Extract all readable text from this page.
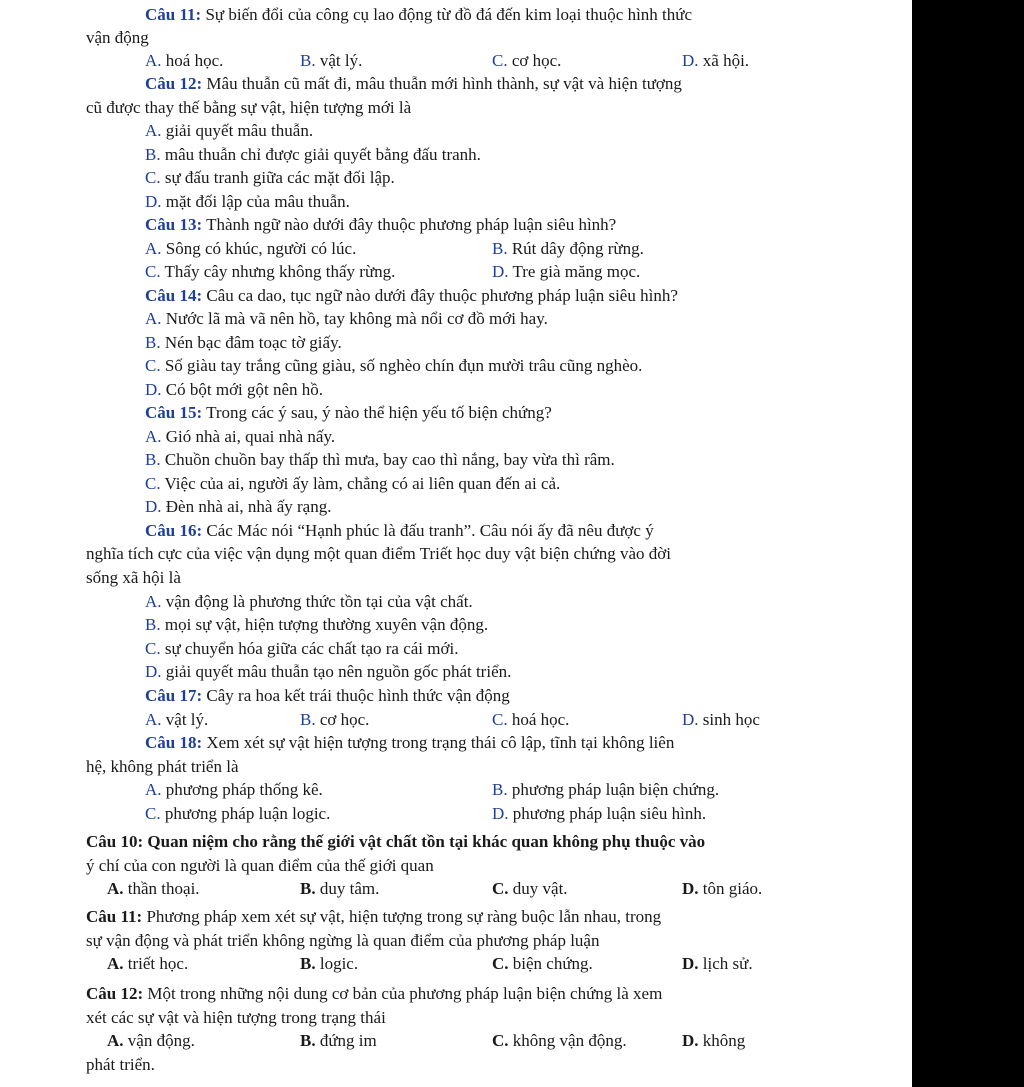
Câu 11: Sự biến đổi của công cụ lao động từ đồ đá đến kim loại thuộc hình thức
vận động
A. hoá học.	B. vật lý.	C. cơ học.	D. xã hội.
Câu 12: Mâu thuẫn cũ mất đi, mâu thuẫn mới hình thành, sự vật và hiện tượng
cũ được thay thế bằng sự vật, hiện tượng mới là
A. giải quyết mâu thuẫn.
B. mâu thuẫn chỉ được giải quyết bằng đấu tranh.
C. sự đấu tranh giữa các mặt đối lập.
D. mặt đối lập của mâu thuẫn.
Câu 13: Thành ngữ nào dưới đây thuộc phương pháp luận siêu hình?
A. Sông có khúc, người có lúc.	B. Rút dây động rừng.
C. Thấy cây nhưng không thấy rừng.	D. Tre già măng mọc.
Câu 14: Câu ca dao, tục ngữ nào dưới đây thuộc phương pháp luận siêu hình?
A. Nước lã mà vã nên hồ, tay không mà nổi cơ đồ mới hay.
B. Nén bạc đâm toạc tờ giấy.
C. Số giàu tay trắng cũng giàu, số nghèo chín đụn mười trâu cũng nghèo.
D. Có bột mới gột nên hồ.
Câu 15: Trong các ý sau, ý nào thể hiện yếu tố biện chứng?
A. Gió nhà ai, quai nhà nấy.
B. Chuồn chuồn bay thấp thì mưa, bay cao thì nắng, bay vừa thì râm.
C. Việc của ai, người ấy làm, chẳng có ai liên quan đến ai cả.
D. Đèn nhà ai, nhà ấy rạng.
Câu 16: Các Mác nói “Hạnh phúc là đấu tranh”. Câu nói ấy đã nêu được ý
nghĩa tích cực của việc vận dụng một quan điểm Triết học duy vật biện chứng vào đời
sống xã hội là
A. vận động là phương thức tồn tại của vật chất.
B. mọi sự vật, hiện tượng thường xuyên vận động.
C. sự chuyển hóa giữa các chất tạo ra cái mới.
D. giải quyết mâu thuẫn tạo nên nguồn gốc phát triển.
Câu 17: Cây ra hoa kết trái thuộc hình thức vận động
A. vật lý.	B. cơ học.	C. hoá học.	D. sinh học
Câu 18: Xem xét sự vật hiện tượng trong trạng thái cô lập, tĩnh tại không liên
hệ, không phát triển là
A. phương pháp thống kê.	B. phương pháp luận biện chứng.
C. phương pháp luận logic.	D. phương pháp luận siêu hình.
Câu 10: Quan niệm cho rằng thế giới vật chất tồn tại khác quan không phụ thuộc vào
ý chí của con người là quan điểm của thế giới quan
A. thần thoại.	B. duy tâm.	C. duy vật.	D. tôn giáo.
Câu 11: Phương pháp xem xét sự vật, hiện tượng trong sự ràng buộc lẫn nhau, trong
sự vận động và phát triển không ngừng là quan điểm của phương pháp luận
A. triết học.	B. logic.	C. biện chứng.	D. lịch sử.
Câu 12: Một trong những nội dung cơ bản của phương pháp luận biện chứng là xem
xét các sự vật và hiện tượng trong trạng thái
A. vận động.	B. đứng im	C. không vận động.	D. không
phát triển.
